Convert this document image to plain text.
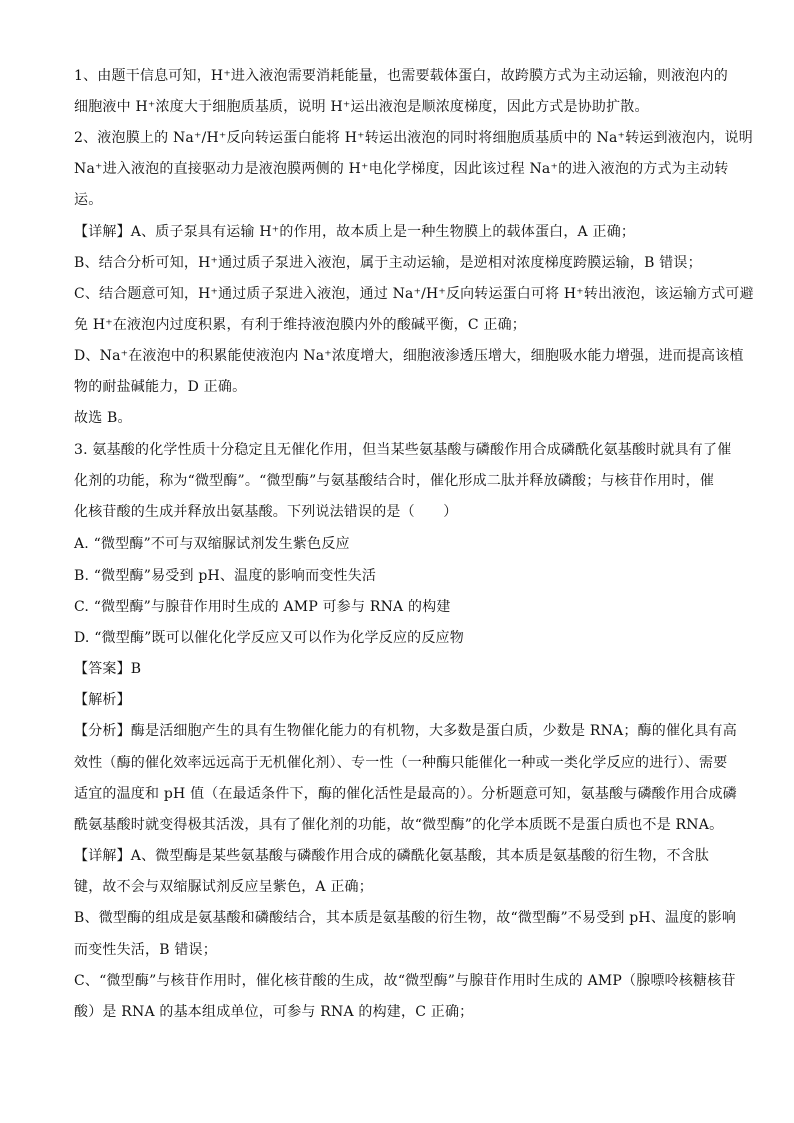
1、由题干信息可知，H⁺进入液泡需要消耗能量，也需要载体蛋白，故跨膜方式为主动运输，则液泡内的
细胞液中 H⁺浓度大于细胞质基质，说明 H⁺运出液泡是顺浓度梯度，因此方式是协助扩散。
2、液泡膜上的 Na⁺/H⁺反向转运蛋白能将 H⁺转运出液泡的同时将细胞质基质中的 Na⁺转运到液泡内，说明
Na⁺进入液泡的直接驱动力是液泡膜两侧的 H⁺电化学梯度，因此该过程 Na⁺的进入液泡的方式为主动转
运。
【详解】A、质子泵具有运输 H⁺的作用，故本质上是一种生物膜上的载体蛋白，A 正确；
B、结合分析可知，H⁺通过质子泵进入液泡，属于主动运输，是逆相对浓度梯度跨膜运输，B 错误；
C、结合题意可知，H⁺通过质子泵进入液泡，通过 Na⁺/H⁺反向转运蛋白可将 H⁺转出液泡，该运输方式可避
免 H⁺在液泡内过度积累，有利于维持液泡膜内外的酸碱平衡，C 正确；
D、Na⁺在液泡中的积累能使液泡内 Na⁺浓度增大，细胞液渗透压增大，细胞吸水能力增强，进而提高该植
物的耐盐碱能力，D 正确。
故选 B。
3. 氨基酸的化学性质十分稳定且无催化作用，但当某些氨基酸与磷酸作用合成磷酰化氨基酸时就具有了催
化剂的功能，称为“微型酶”。“微型酶”与氨基酸结合时，催化形成二肽并释放磷酸；与核苷作用时，催
化核苷酸的生成并释放出氨基酸。下列说法错误的是（　　）
A. “微型酶”不可与双缩脲试剂发生紫色反应
B. “微型酶”易受到 pH、温度的影响而变性失活
C. “微型酶”与腺苷作用时生成的 AMP 可参与 RNA 的构建
D. “微型酶”既可以催化化学反应又可以作为化学反应的反应物
【答案】B
【解析】
【分析】酶是活细胞产生的具有生物催化能力的有机物，大多数是蛋白质，少数是 RNA；酶的催化具有高
效性（酶的催化效率远远高于无机催化剂）、专一性（一种酶只能催化一种或一类化学反应的进行）、需要
适宜的温度和 pH 值（在最适条件下，酶的催化活性是最高的）。分析题意可知，氨基酸与磷酸作用合成磷
酰氨基酸时就变得极其活泼，具有了催化剂的功能，故“微型酶”的化学本质既不是蛋白质也不是 RNA。
【详解】A、微型酶是某些氨基酸与磷酸作用合成的磷酰化氨基酸，其本质是氨基酸的衍生物，不含肽
键，故不会与双缩脲试剂反应呈紫色，A 正确；
B、微型酶的组成是氨基酸和磷酸结合，其本质是氨基酸的衍生物，故“微型酶”不易受到 pH、温度的影响
而变性失活，B 错误；
C、“微型酶”与核苷作用时，催化核苷酸的生成，故“微型酶”与腺苷作用时生成的 AMP（腺嘌呤核糖核苷
酸）是 RNA 的基本组成单位，可参与 RNA 的构建，C 正确；
